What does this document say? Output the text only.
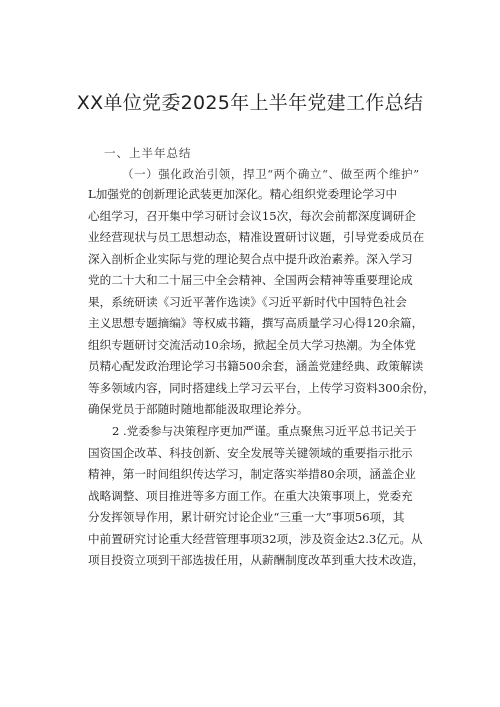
XX单位党委2025年上半年党建工作总结
一、上半年总结
（一）强化政治引领，捍卫“两个确立“、做至两个维护”
L加强党的创新理论武装更加深化。精心组织党委理论学习中
心组学习，召开集中学习研讨会议15次，每次会前都深度调研企
业经营现状与员工思想动态，精准设置研讨议题，引导党委成员在
深入剖析企业实际与党的理论契合点中提升政治素养。深入学习
党的二十大和二十届三中全会精神、全国两会精神等重要理论成
果，系统研读《习近平著作选读》《习近平新时代中国特色社会
主义思想专题摘编》等权威书籍，撰写高质量学习心得120余篇，
组织专题研讨交流活动10余场，掀起全员大学习热潮。为全体党
员精心配发政治理论学习书籍500余套，涵盖党建经典、政策解读
等多领域内容，同时搭建线上学习云平台，上传学习资料300余份，
确保党员于部随时随地都能汲取理论养分。
2 .党委参与决策程序更加严谨。重点聚焦习近平总书记关于
国资国企改革、科技创新、安全发展等关键领域的重要指示批示
精神，第一时间组织传达学习，制定落实举措80余项，涵盖企业
战略调整、项目推进等多方面工作。在重大决策事项上，党委充
分发挥领导作用，累计研究讨论企业“三重一大”事项56项，其
中前置研究讨论重大经营管理事项32项，涉及资金达2.3亿元。从
项目投资立项到干部选拔任用，从薪酬制度改革到重大技术改造，
